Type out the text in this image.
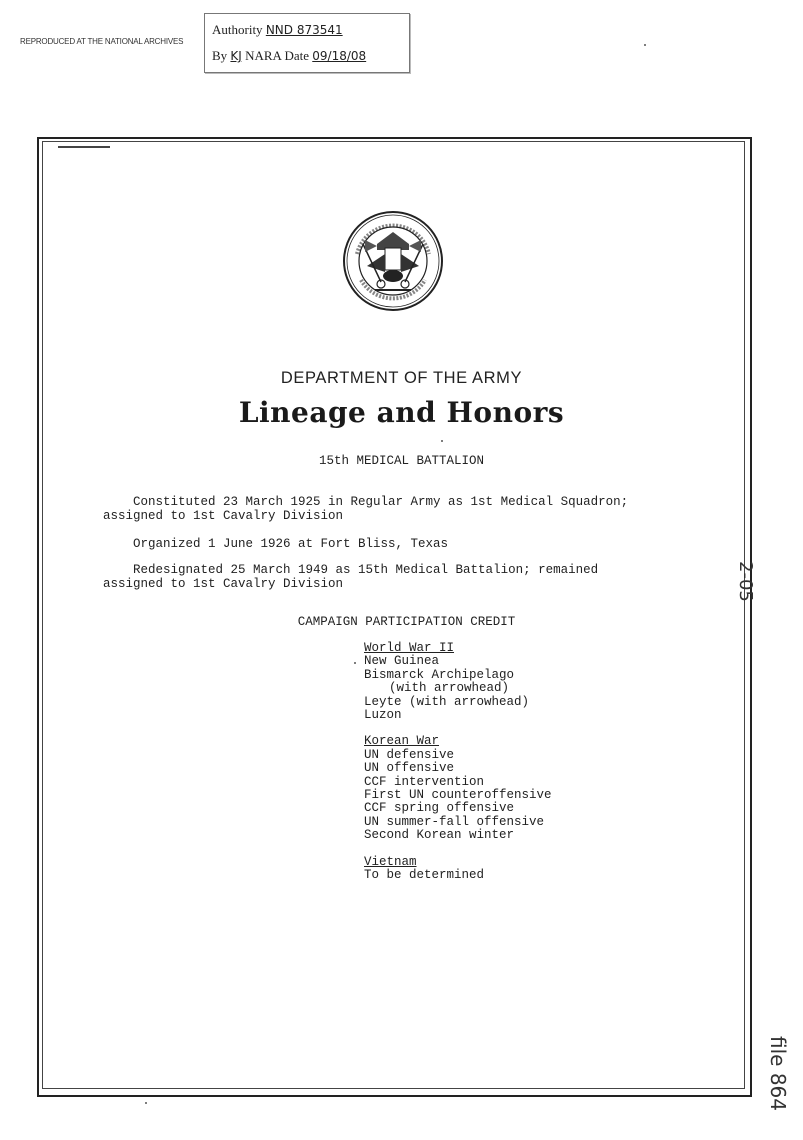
REPRODUCED AT THE NATIONAL ARCHIVES
Authority NND 873541
By KJ NARA Date 09/18/08
DEPARTMENT OF THE ARMY
Lineage and Honors
15th MEDICAL BATTALION
Constituted 23 March 1925 in Regular Army as 1st Medical Squadron;
assigned to 1st Cavalry Division
Organized 1 June 1926 at Fort Bliss, Texas
Redesignated 25 March 1949 as 15th Medical Battalion; remained
assigned to 1st Cavalry Division
CAMPAIGN PARTICIPATION CREDIT
World War II
New Guinea
Bismarck Archipelago
(with arrowhead)
Leyte (with arrowhead)
Luzon
Korean War
UN defensive
UN offensive
CCF intervention
First UN counteroffensive
CCF spring offensive
UN summer-fall offensive
Second Korean winter
Vietnam
To be determined
2-05
file 864
